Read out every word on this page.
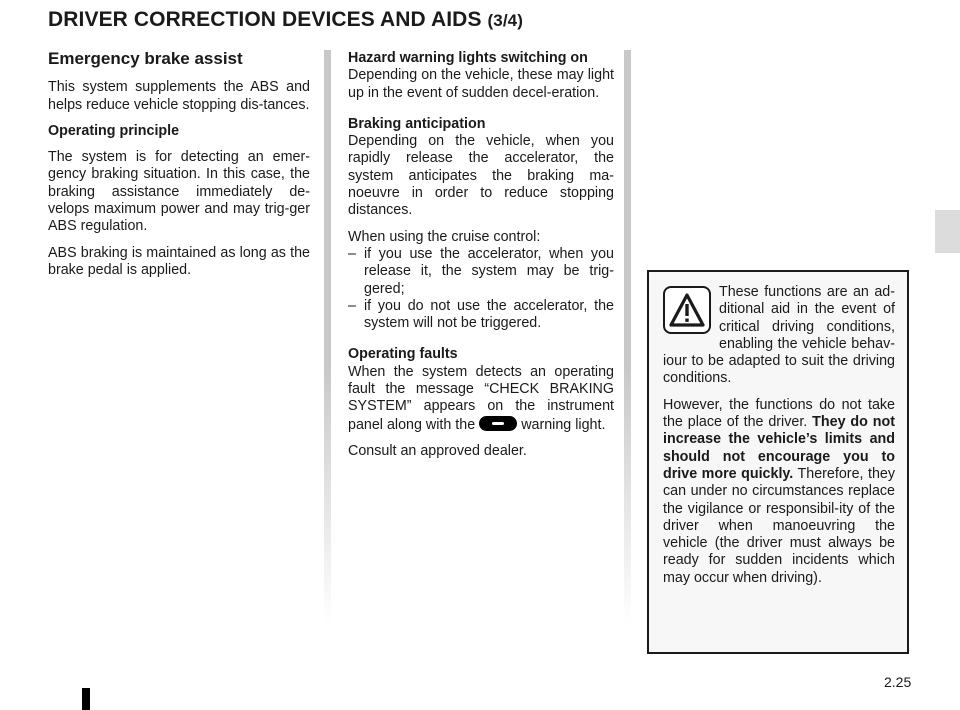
DRIVER CORRECTION DEVICES AND AIDS (3/4)

Emergency brake assist

This system supplements the ABS and helps reduce vehicle stopping dis-tances.

Operating principle

The system is for detecting an emer-gency braking situation. In this case, the braking assistance immediately de-velops maximum power and may trig-ger ABS regulation.

ABS braking is maintained as long as the brake pedal is applied.

Hazard warning lights switching on
Depending on the vehicle, these may light up in the event of sudden decel-eration.

Braking anticipation
Depending on the vehicle, when you rapidly release the accelerator, the system anticipates the braking ma-noeuvre in order to reduce stopping distances.

When using the cruise control:

– if you use the accelerator, when you release it, the system may be trig-gered;
– if you do not use the accelerator, the system will not be triggered.

Operating faults
When the system detects an operating fault the message “CHECK BRAKING SYSTEM” appears on the instrument panel along with the	warning light.

Consult an approved dealer.

These functions are an ad-ditional aid in the event of critical driving conditions, enabling the vehicle behav-iour to be adapted to suit the driving conditions.

However, the functions do not take the place of the driver. They do not increase the vehicle’s limits and should not encourage you to drive more quickly. Therefore, they can under no circumstances replace the vigilance or responsibil-ity of the driver when manoeuvring the vehicle (the driver must always be ready for sudden incidents which may occur when driving).

2.25
